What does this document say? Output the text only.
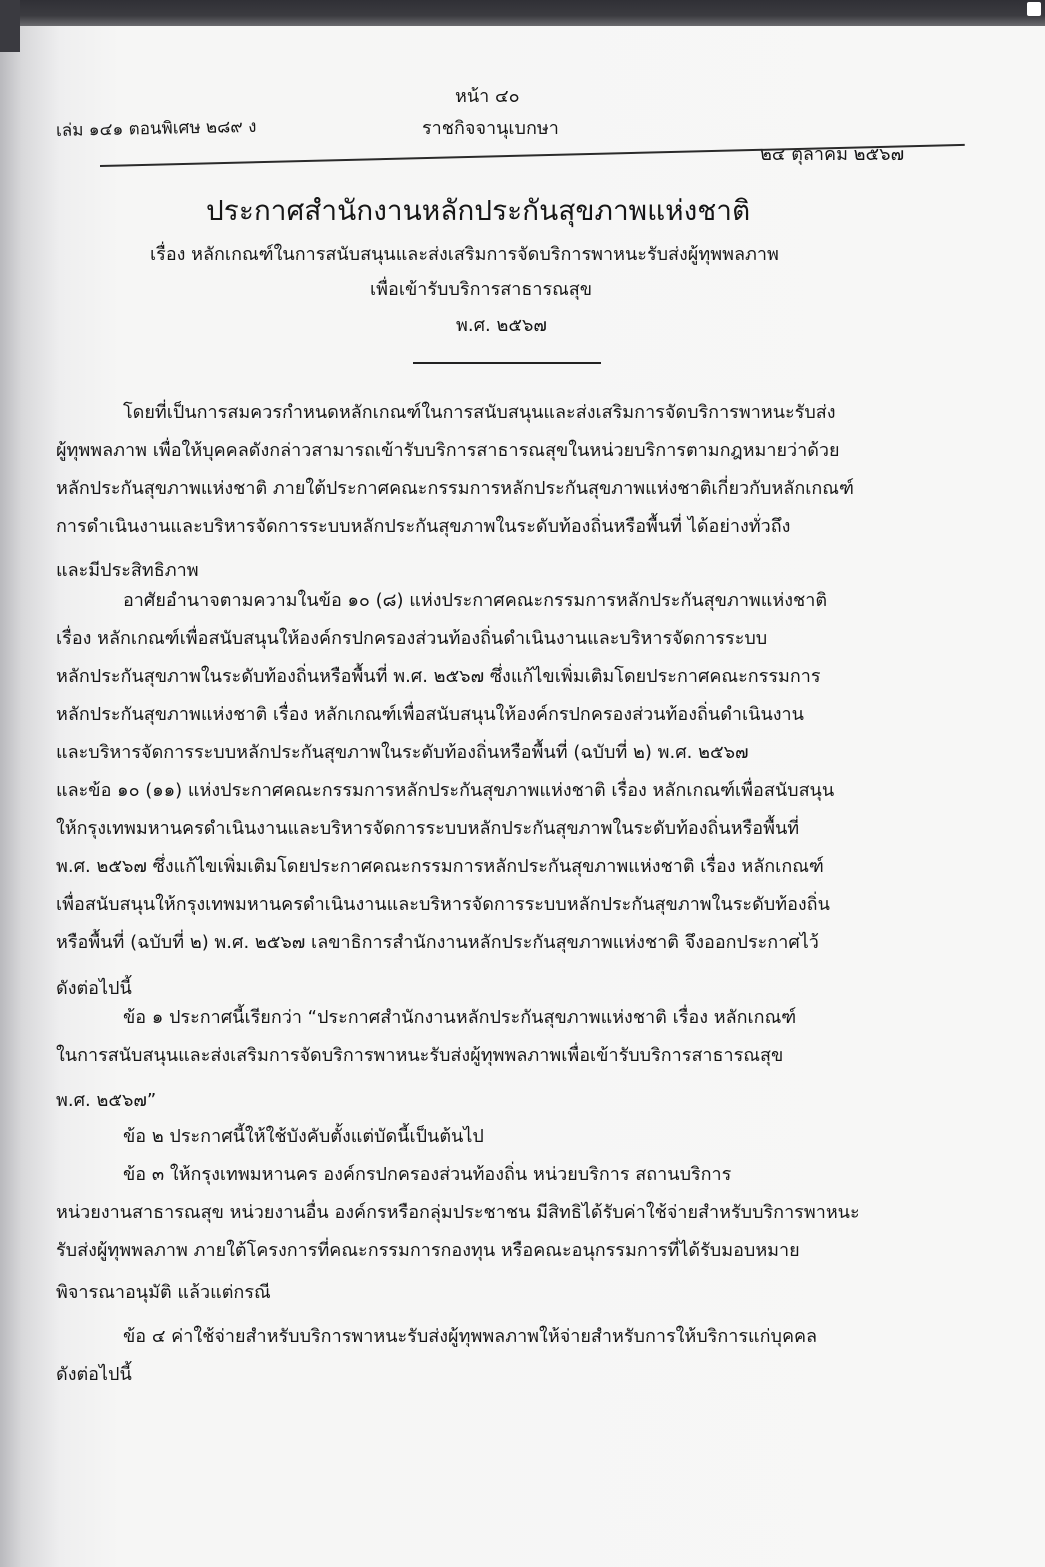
หน้า ๔๐
เล่ม ๑๔๑ ตอนพิเศษ ๒๘๙ ง	ราชกิจจานุเบกษา
๒๔ ตุลาคม ๒๕๖๗
ประกาศสำนักงานหลักประกันสุขภาพแห่งชาติ
เรื่อง หลักเกณฑ์ในการสนับสนุนและส่งเสริมการจัดบริการพาหนะรับส่งผู้ทุพพลภาพ
เพื่อเข้ารับบริการสาธารณสุข
พ.ศ. ๒๕๖๗
โดยที่เป็นการสมควรกำหนดหลักเกณฑ์ในการสนับสนุนและส่งเสริมการจัดบริการพาหนะรับส่ง
ผู้ทุพพลภาพ เพื่อให้บุคคลดังกล่าวสามารถเข้ารับบริการสาธารณสุขในหน่วยบริการตามกฎหมายว่าด้วย
หลักประกันสุขภาพแห่งชาติ ภายใต้ประกาศคณะกรรมการหลักประกันสุขภาพแห่งชาติเกี่ยวกับหลักเกณฑ์
การดำเนินงานและบริหารจัดการระบบหลักประกันสุขภาพในระดับท้องถิ่นหรือพื้นที่ ได้อย่างทั่วถึง
และมีประสิทธิภาพ
อาศัยอำนาจตามความในข้อ ๑๐ (๘) แห่งประกาศคณะกรรมการหลักประกันสุขภาพแห่งชาติ
เรื่อง หลักเกณฑ์เพื่อสนับสนุนให้องค์กรปกครองส่วนท้องถิ่นดำเนินงานและบริหารจัดการระบบ
หลักประกันสุขภาพในระดับท้องถิ่นหรือพื้นที่ พ.ศ. ๒๕๖๗ ซึ่งแก้ไขเพิ่มเติมโดยประกาศคณะกรรมการ
หลักประกันสุขภาพแห่งชาติ เรื่อง หลักเกณฑ์เพื่อสนับสนุนให้องค์กรปกครองส่วนท้องถิ่นดำเนินงาน
และบริหารจัดการระบบหลักประกันสุขภาพในระดับท้องถิ่นหรือพื้นที่ (ฉบับที่ ๒) พ.ศ. ๒๕๖๗
และข้อ ๑๐ (๑๑) แห่งประกาศคณะกรรมการหลักประกันสุขภาพแห่งชาติ เรื่อง หลักเกณฑ์เพื่อสนับสนุน
ให้กรุงเทพมหานครดำเนินงานและบริหารจัดการระบบหลักประกันสุขภาพในระดับท้องถิ่นหรือพื้นที่
พ.ศ. ๒๕๖๗ ซึ่งแก้ไขเพิ่มเติมโดยประกาศคณะกรรมการหลักประกันสุขภาพแห่งชาติ เรื่อง หลักเกณฑ์
เพื่อสนับสนุนให้กรุงเทพมหานครดำเนินงานและบริหารจัดการระบบหลักประกันสุขภาพในระดับท้องถิ่น
หรือพื้นที่ (ฉบับที่ ๒) พ.ศ. ๒๕๖๗ เลขาธิการสำนักงานหลักประกันสุขภาพแห่งชาติ จึงออกประกาศไว้
ดังต่อไปนี้
ข้อ ๑ ประกาศนี้เรียกว่า “ประกาศสำนักงานหลักประกันสุขภาพแห่งชาติ เรื่อง หลักเกณฑ์
ในการสนับสนุนและส่งเสริมการจัดบริการพาหนะรับส่งผู้ทุพพลภาพเพื่อเข้ารับบริการสาธารณสุข
พ.ศ. ๒๕๖๗”
ข้อ ๒ ประกาศนี้ให้ใช้บังคับตั้งแต่บัดนี้เป็นต้นไป
ข้อ ๓ ให้กรุงเทพมหานคร องค์กรปกครองส่วนท้องถิ่น หน่วยบริการ สถานบริการ
หน่วยงานสาธารณสุข หน่วยงานอื่น องค์กรหรือกลุ่มประชาชน มีสิทธิได้รับค่าใช้จ่ายสำหรับบริการพาหนะ
รับส่งผู้ทุพพลภาพ ภายใต้โครงการที่คณะกรรมการกองทุน หรือคณะอนุกรรมการที่ได้รับมอบหมาย
พิจารณาอนุมัติ แล้วแต่กรณี
ข้อ ๔ ค่าใช้จ่ายสำหรับบริการพาหนะรับส่งผู้ทุพพลภาพให้จ่ายสำหรับการให้บริการแก่บุคคล
ดังต่อไปนี้
